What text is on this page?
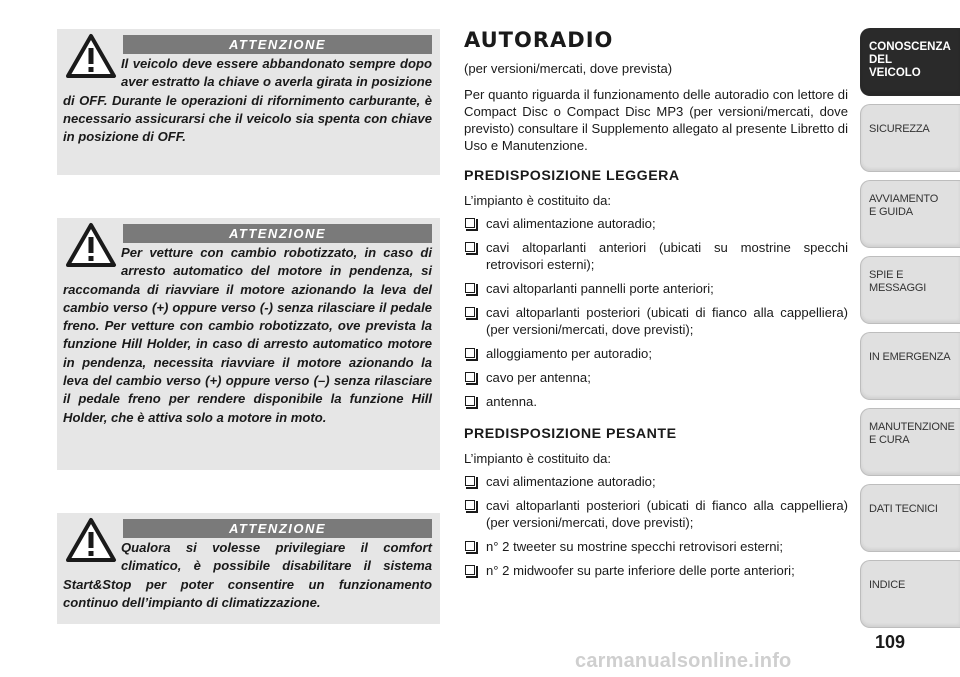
ATTENZIONE

Il veicolo deve essere abbandonato sempre dopo aver estratto la chiave o averla girata in posizione di OFF. Durante le operazioni di rifornimento carburante, è necessario assicurarsi che il veicolo sia spenta con chiave in posizione di OFF.

ATTENZIONE

Per vetture con cambio robotizzato, in caso di arresto automatico del motore in pendenza, si raccomanda di riavviare il motore azionando la leva del cambio verso (+) oppure verso (-) senza rilasciare il pedale freno. Per vetture con cambio robotizzato, ove prevista la funzione Hill Holder, in caso di arresto automatico motore in pendenza, necessita riavviare il motore azionando la leva del cambio verso (+) oppure verso (–) senza rilasciare il pedale freno per rendere disponibile la funzione Hill Holder, che è attiva solo a motore in moto.

ATTENZIONE

Qualora si volesse privilegiare il comfort climatico, è possibile disabilitare il sistema Start&Stop per poter consentire un funzionamento continuo dell’impianto di climatizzazione.

AUTORADIO

(per versioni/mercati, dove prevista)

Per quanto riguarda il funzionamento delle autoradio con lettore di Compact Disc o Compact Disc MP3 (per versioni/mercati, dove previsto) consultare il Supplemento allegato al presente Libretto di Uso e Manutenzione.

PREDISPOSIZIONE LEGGERA

L’impianto è costituito da:

cavi alimentazione autoradio;
cavi altoparlanti anteriori (ubicati su mostrine specchi retrovisori esterni);
cavi altoparlanti pannelli porte anteriori;
cavi altoparlanti posteriori (ubicati di fianco alla cappelliera) (per versioni/mercati, dove previsti);
alloggiamento per autoradio;
cavo per antenna;
antenna.
PREDISPOSIZIONE PESANTE

L’impianto è costituito da:

cavi alimentazione autoradio;
cavi altoparlanti posteriori (ubicati di fianco alla cappelliera) (per versioni/mercati, dove previsti);
n° 2 tweeter su mostrine specchi retrovisori esterni;
n° 2 midwoofer su parte inferiore delle porte anteriori;
CONOSCENZA
DEL
VEICOLO
SICUREZZA
AVVIAMENTO
E GUIDA
SPIE E
MESSAGGI
IN EMERGENZA
MANUTENZIONE
E CURA
DATI TECNICI
INDICE
109
carmanualsonline.info
